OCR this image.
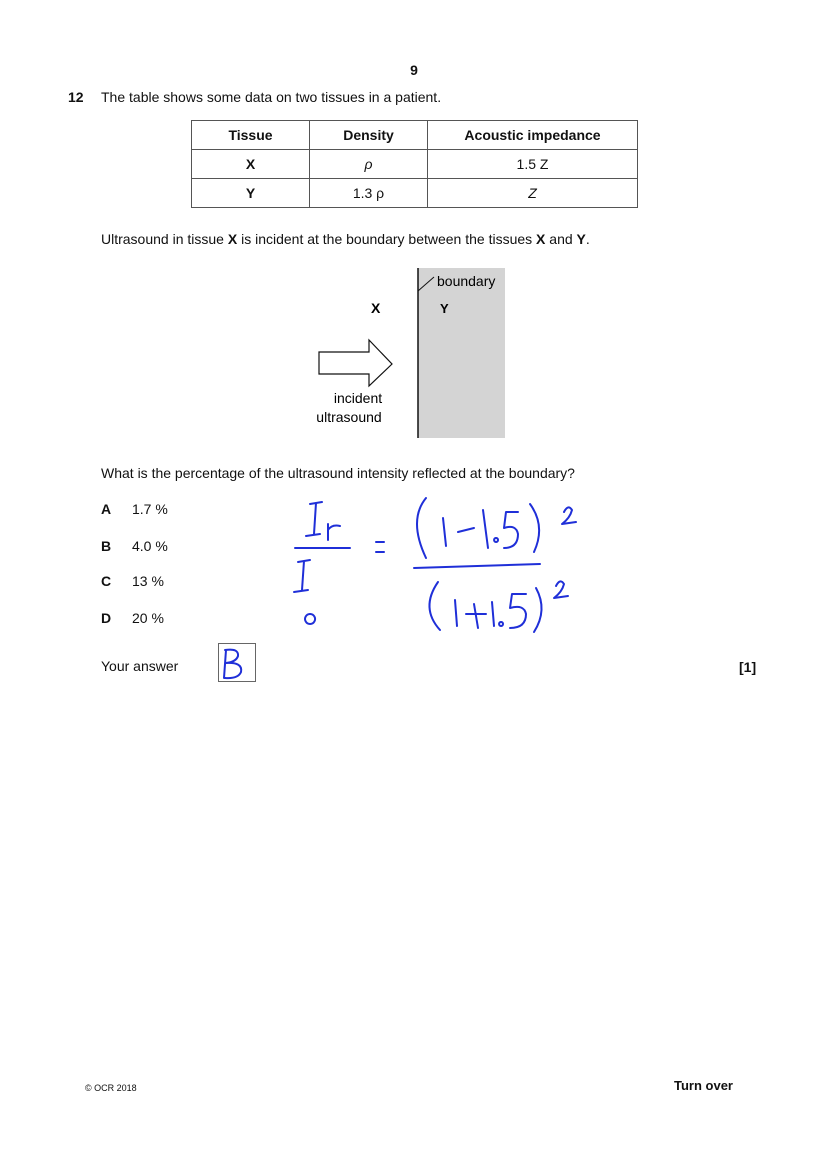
9
12 The table shows some data on two tissues in a patient.
Tissue	Density	Acoustic impedance
X	ρ	1.5 Z
Y	1.3 ρ	Z
Ultrasound in tissue X is incident at the boundary between the tissues X and Y.
boundary
X	Y
incident
ultrasound
What is the percentage of the ultrasound intensity reflected at the boundary?
A 1.7 %
B 4.0 %
C 13 %
D 20 %
Your answer	[1]
© OCR 2018	Turn over
